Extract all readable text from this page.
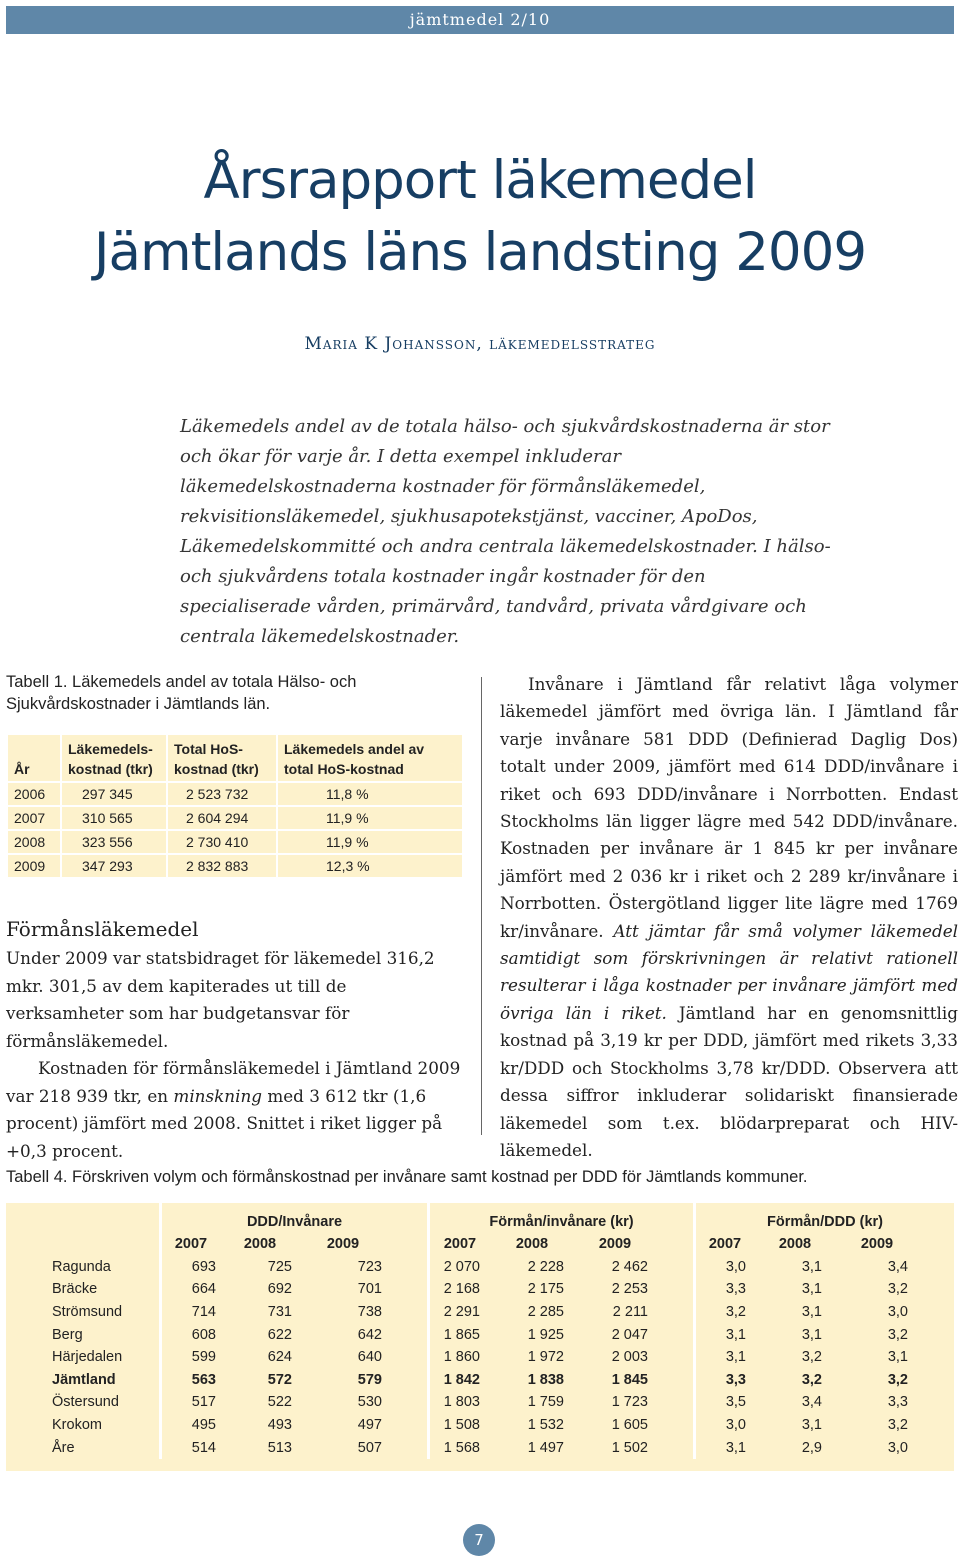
jämtmedel 2/10
Årsrapport läkemedel
Jämtlands läns landsting 2009
Maria K Johansson, läkemedelsstrateg
Läkemedels andel av de totala hälso- och sjukvårdskostnaderna är stor och ökar för varje år. I detta exempel inkluderar läkemedelskostnaderna kostnader för förmånsläkemedel, rekvisitionsläkemedel, sjukhusapotekstjänst, vacciner, ApoDos, Läkemedelskommitté och andra centrala läkemedelskostnader. I hälso- och sjukvårdens totala kostnader ingår kostnader för den specialiserade vården, primärvård, tandvård, privata vårdgivare och centrala läkemedelskostnader.
Tabell 1. Läkemedels andel av totala Hälso- och Sjukvårdskostnader i Jämtlands län.
År	Läkemedels-kostnad (tkr)	Total HoS-kostnad (tkr)	Läkemedels andel av total HoS-kostnad
2006	297 345	2 523 732	11,8 %
2007	310 565	2 604 294	11,9 %
2008	323 556	2 730 410	11,9 %
2009	347 293	2 832 883	12,3 %
Förmånsläkemedel

Under 2009 var statsbidraget för läkemedel 316,2 mkr. 301,5 av dem kapiterades ut till de verksamheter som har budgetansvar för förmånsläkemedel.

Kostnaden för förmånsläkemedel i Jämtland 2009 var 218 939 tkr, en minskning med 3 612 tkr (1,6 procent) jämfört med 2008. Snittet i riket ligger på +0,3 procent.

Invånare i Jämtland får relativt låga volymer läkemedel jämfört med övriga län. I Jämtland får varje invånare 581 DDD (Definierad Daglig Dos) totalt under 2009, jämfört med 614 DDD/invånare i riket och 693 DDD/invånare i Norrbotten. Endast Stockholms län ligger lägre med 542 DDD/invånare. Kostnaden per invånare är 1 845 kr per invånare jämfört med 2 036 kr i riket och 2 289 kr/invånare i Norrbotten. Östergötland ligger lite lägre med 1769 kr/invånare. Att jämtar får små volymer läkemedel samtidigt som förskrivningen är relativt rationell resulterar i låga kostnader per invånare jämfört med övriga län i riket. Jämtland har en genomsnittlig kostnad på 3,19 kr per DDD, jämfört med rikets 3,33 kr/DDD och Stockholms 3,78 kr/DDD. Observera att dessa siffror inkluderar solidariskt finansierade läkemedel som t.ex. blödarpreparat och HIV-läkemedel.
Tabell 4. Förskriven volym och förmånskostnad per invånare samt kostnad per DDD för Jämtlands kommuner.
		DDD/Invånare				Förmån/invånare (kr)				Förmån/DDD (kr)			
		2007	2008	2009		2007	2008	2009		2007	2008	2009	
	Ragunda	693	725	723		2 070	2 228	2 462		3,0	3,1	3,4	
	Bräcke	664	692	701		2 168	2 175	2 253		3,3	3,1	3,2	
	Strömsund	714	731	738		2 291	2 285	2 211		3,2	3,1	3,0	
	Berg	608	622	642		1 865	1 925	2 047		3,1	3,1	3,2	
	Härjedalen	599	624	640		1 860	1 972	2 003		3,1	3,2	3,1	
	Jämtland	563	572	579		1 842	1 838	1 845		3,3	3,2	3,2	
	Östersund	517	522	530		1 803	1 759	1 723		3,5	3,4	3,3	
	Krokom	495	493	497		1 508	1 532	1 605		3,0	3,1	3,2	
	Åre	514	513	507		1 568	1 497	1 502		3,1	2,9	3,0	
7
